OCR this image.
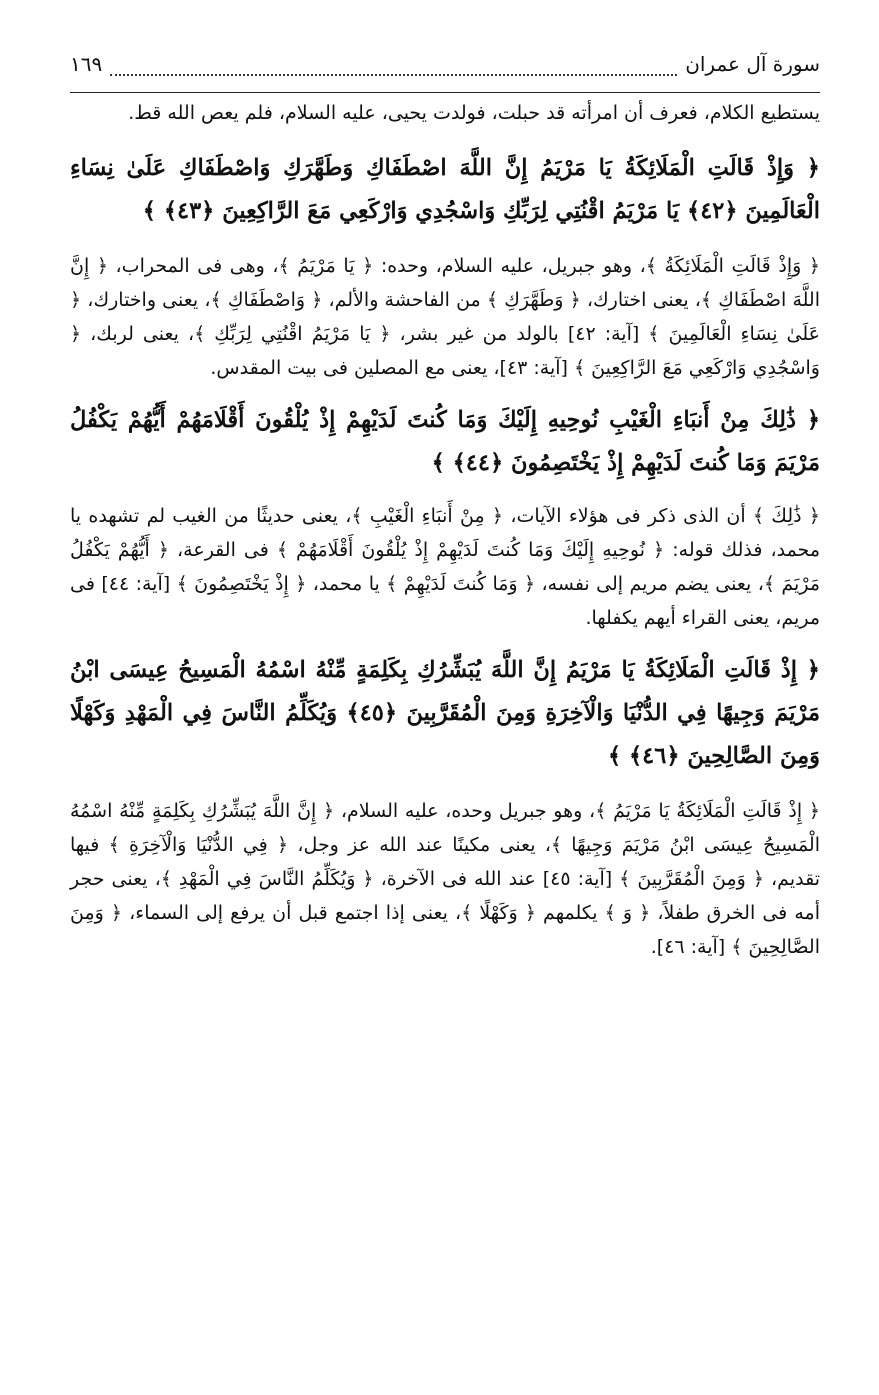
سورة آل عمران
١٦٩

يستطيع الكلام، فعرف أن امرأته قد حبلت، فولدت يحيى، عليه السلام، فلم يعص الله قط.

﴿ وَإِذْ قَالَتِ الْمَلَائِكَةُ يَا مَرْيَمُ إِنَّ اللَّهَ اصْطَفَاكِ وَطَهَّرَكِ وَاصْطَفَاكِ عَلَىٰ نِسَاءِ الْعَالَمِينَ ﴿٤٢﴾ يَا مَرْيَمُ اقْنُتِي لِرَبِّكِ وَاسْجُدِي وَارْكَعِي مَعَ الرَّاكِعِينَ ﴿٤٣﴾ ﴾

﴿ وَإِذْ قَالَتِ الْمَلَائِكَةُ ﴾، وهو جبريل، عليه السلام، وحده: ﴿ يَا مَرْيَمُ ﴾، وهى فى المحراب، ﴿ إِنَّ اللَّهَ اصْطَفَاكِ ﴾، يعنى اختارك، ﴿ وَطَهَّرَكِ ﴾ من الفاحشة والألم، ﴿ وَاصْطَفَاكِ ﴾، يعنى واختارك، ﴿ عَلَىٰ نِسَاءِ الْعَالَمِينَ ﴾ [آية: ٤٢] بالولد من غير بشر، ﴿ يَا مَرْيَمُ اقْنُتِي لِرَبِّكِ ﴾، يعنى لربك، ﴿ وَاسْجُدِي وَارْكَعِي مَعَ الرَّاكِعِينَ ﴾ [آية: ٤٣]، يعنى مع المصلين فى بيت المقدس.

﴿ ذَٰلِكَ مِنْ أَنبَاءِ الْغَيْبِ نُوحِيهِ إِلَيْكَ وَمَا كُنتَ لَدَيْهِمْ إِذْ يُلْقُونَ أَقْلَامَهُمْ أَيُّهُمْ يَكْفُلُ مَرْيَمَ وَمَا كُنتَ لَدَيْهِمْ إِذْ يَخْتَصِمُونَ ﴿٤٤﴾ ﴾

﴿ ذَٰلِكَ ﴾ أن الذى ذكر فى هؤلاء الآيات، ﴿ مِنْ أَنبَاءِ الْغَيْبِ ﴾، يعنى حديثًا من الغيب لم تشهده يا محمد، فذلك قوله: ﴿ نُوحِيهِ إِلَيْكَ وَمَا كُنتَ لَدَيْهِمْ إِذْ يُلْقُونَ أَقْلَامَهُمْ ﴾ فى القرعة، ﴿ أَيُّهُمْ يَكْفُلُ مَرْيَمَ ﴾، يعنى يضم مريم إلى نفسه، ﴿ وَمَا كُنتَ لَدَيْهِمْ ﴾ يا محمد، ﴿ إِذْ يَخْتَصِمُونَ ﴾ [آية: ٤٤] فى مريم، يعنى القراء أيهم يكفلها.

﴿ إِذْ قَالَتِ الْمَلَائِكَةُ يَا مَرْيَمُ إِنَّ اللَّهَ يُبَشِّرُكِ بِكَلِمَةٍ مِّنْهُ اسْمُهُ الْمَسِيحُ عِيسَى ابْنُ مَرْيَمَ وَجِيهًا فِي الدُّنْيَا وَالْآخِرَةِ وَمِنَ الْمُقَرَّبِينَ ﴿٤٥﴾ وَيُكَلِّمُ النَّاسَ فِي الْمَهْدِ وَكَهْلًا وَمِنَ الصَّالِحِينَ ﴿٤٦﴾ ﴾

﴿ إِذْ قَالَتِ الْمَلَائِكَةُ يَا مَرْيَمُ ﴾، وهو جبريل وحده، عليه السلام، ﴿ إِنَّ اللَّهَ يُبَشِّرُكِ بِكَلِمَةٍ مِّنْهُ اسْمُهُ الْمَسِيحُ عِيسَى ابْنُ مَرْيَمَ وَجِيهًا ﴾، يعنى مكينًا عند الله عز وجل، ﴿ فِي الدُّنْيَا وَالْآخِرَةِ ﴾ فيها تقديم، ﴿ وَمِنَ الْمُقَرَّبِينَ ﴾ [آية: ٤٥] عند الله فى الآخرة، ﴿ وَيُكَلِّمُ النَّاسَ فِي الْمَهْدِ ﴾، يعنى حجر أمه فى الخرق طفلاً، ﴿ وَ ﴾ يكلمهم ﴿ وَكَهْلًا ﴾، يعنى إذا اجتمع قبل أن يرفع إلى السماء، ﴿ وَمِنَ الصَّالِحِينَ ﴾ [آية: ٤٦].
